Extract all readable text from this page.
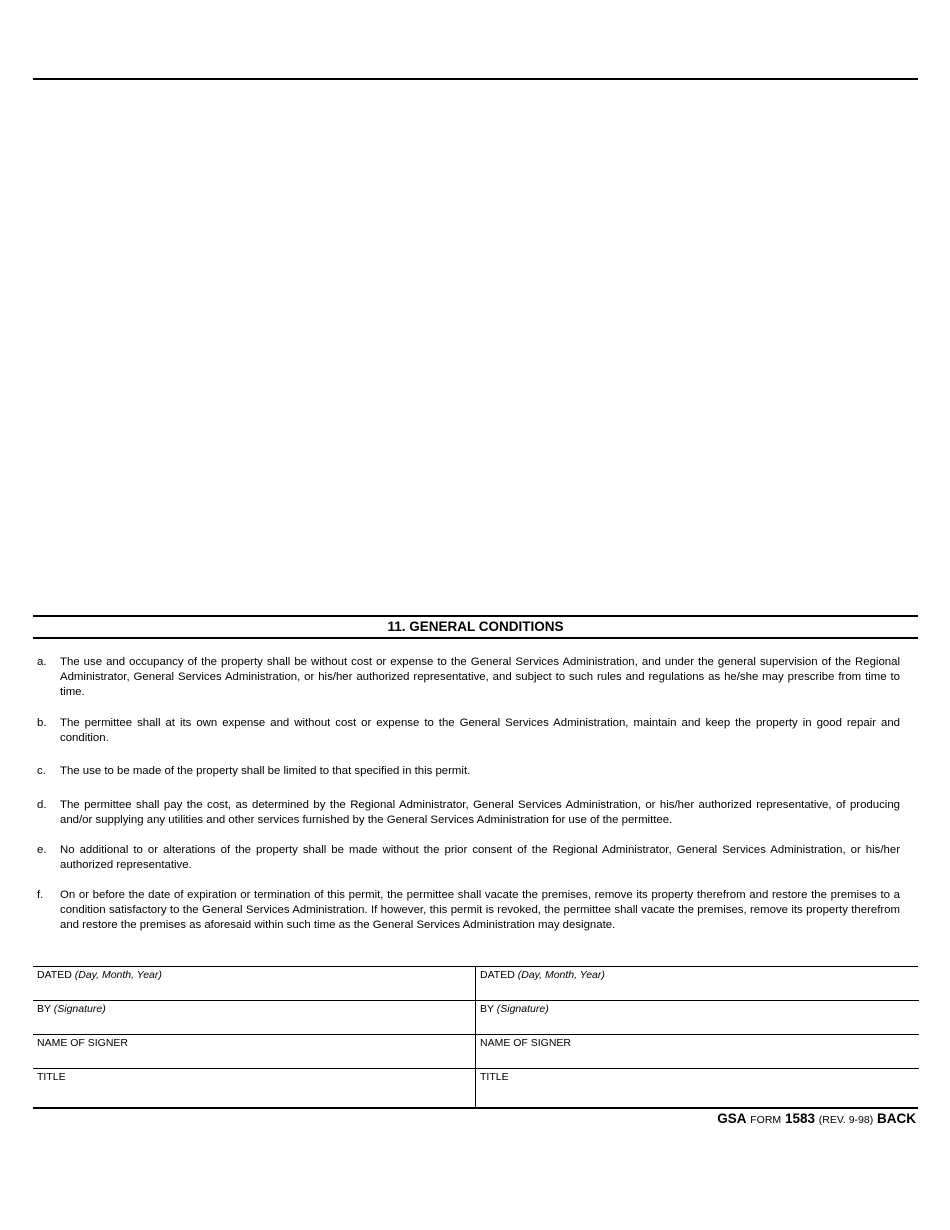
11. GENERAL CONDITIONS
a. The use and occupancy of the property shall be without cost or expense to the General Services Administration, and under the general supervision of the Regional Administrator, General Services Administration, or his/her authorized representative, and subject to such rules and regulations as he/she may prescribe from time to time.
b. The permittee shall at its own expense and without cost or expense to the General Services Administration, maintain and keep the property in good repair and condition.
c. The use to be made of the property shall be limited to that specified in this permit.
d. The permittee shall pay the cost, as determined by the Regional Administrator, General Services Administration, or his/her authorized representative, of producing and/or supplying any utilities and other services furnished by the General Services Administration for use of the permittee.
e. No additional to or alterations of the property shall be made without the prior consent of the Regional Administrator, General Services Administration, or his/her authorized representative.
f. On or before the date of expiration or termination of this permit, the permittee shall vacate the premises, remove its property therefrom and restore the premises to a condition satisfactory to the General Services Administration. If however, this permit is revoked, the permittee shall vacate the premises, remove its property therefrom and restore the premises as aforesaid within such time as the General Services Administration may designate.
DATED (Day, Month, Year)
BY (Signature)
NAME OF SIGNER
TITLE
DATED (Day, Month, Year)
BY (Signature)
NAME OF SIGNER
TITLE
GSA FORM 1583 (REV. 9-98) BACK
